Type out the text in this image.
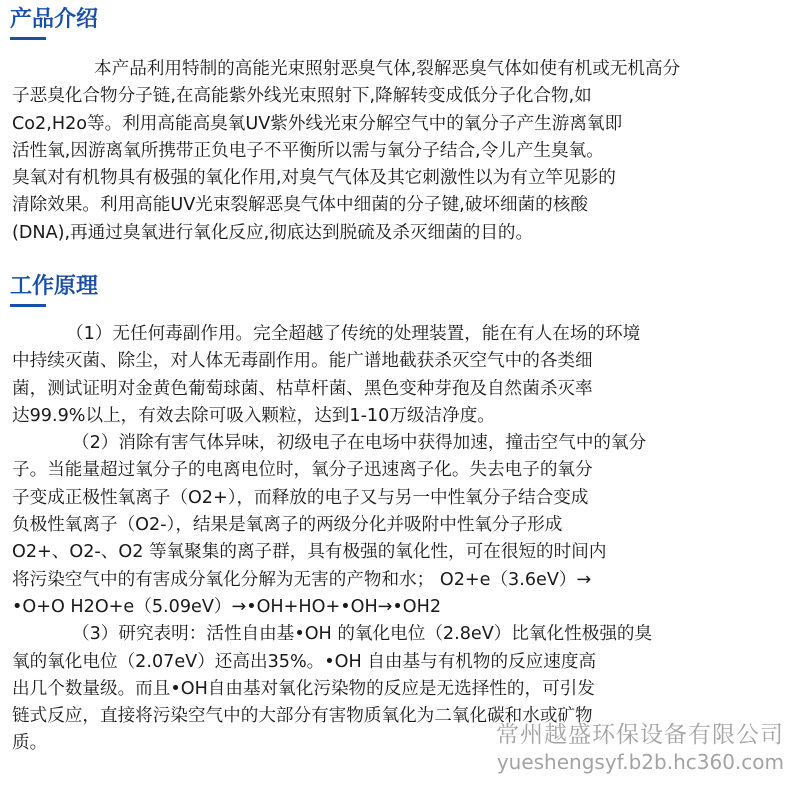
产品介绍
本产品利用特制的高能光束照射恶臭气体,裂解恶臭气体如使有机或无机高分
子恶臭化合物分子链,在高能紫外线光束照射下,降解转变成低分子化合物,如
Co2,H2o等。利用高能高臭氧UV紫外线光束分解空气中的氧分子产生游离氧即
活性氧,因游离氧所携带正负电子不平衡所以需与氧分子结合,令儿产生臭氧。
臭氧对有机物具有极强的氧化作用,对臭气气体及其它刺激性以为有立竿见影的
清除效果。利用高能UV光束裂解恶臭气体中细菌的分子键,破坏细菌的核酸
(DNA),再通过臭氧进行氧化反应,彻底达到脱硫及杀灭细菌的目的。
工作原理
（1）无任何毒副作用。完全超越了传统的处理装置，能在有人在场的环境
中持续灭菌、除尘，对人体无毒副作用。能广谱地截获杀灭空气中的各类细
菌，测试证明对金黄色葡萄球菌、枯草杆菌、黑色变种芽孢及自然菌杀灭率
达99.9%以上，有效去除可吸入颗粒，达到1-10万级洁净度。
（2）消除有害气体异味，初级电子在电场中获得加速，撞击空气中的氧分
子。当能量超过氧分子的电离电位时，氧分子迅速离子化。失去电子的氧分
子变成正极性氧离子（O2+），而释放的电子又与另一中性氧分子结合变成
负极性氧离子（O2-），结果是氧离子的两级分化并吸附中性氧分子形成
O2+、O2-、O2 等氧聚集的离子群，具有极强的氧化性，可在很短的时间内
将污染空气中的有害成分氧化分解为无害的产物和水； O2+e（3.6eV）→
•O+O H2O+e（5.09eV）→•OH+HO+•OH→•OH2
（3）研究表明：活性自由基•OH 的氧化电位（2.8eV）比氧化性极强的臭
氧的氧化电位（2.07eV）还高出35%。•OH 自由基与有机物的反应速度高
出几个数量级。而且•OH自由基对氧化污染物的反应是无选择性的，可引发
链式反应，直接将污染空气中的大部分有害物质氧化为二氧化碳和水或矿物
质。	常州越盛环保设备有限公司
yueshengsyf.b2b.hc360.com
